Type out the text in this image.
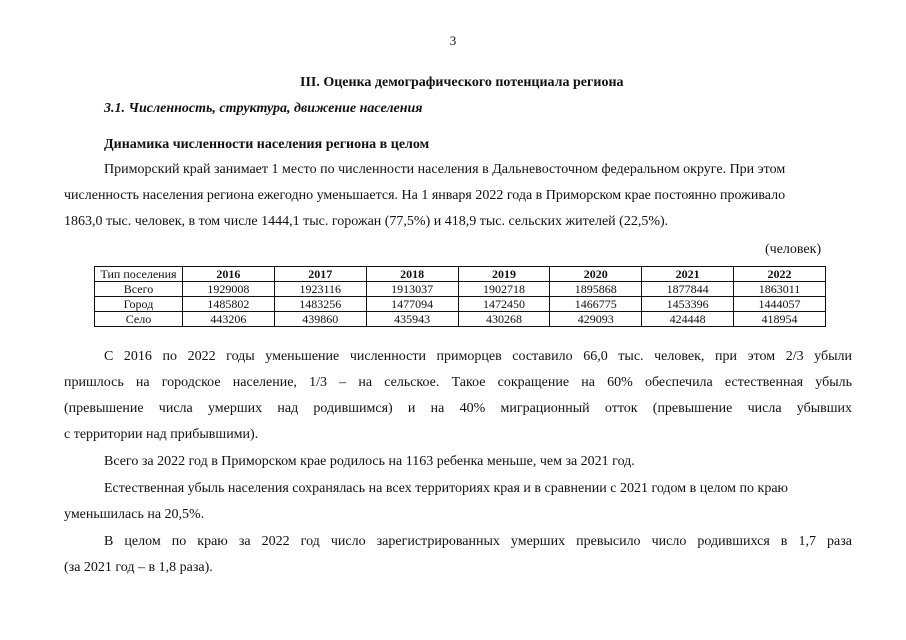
3
III. Оценка демографического потенциала региона
3.1. Численность, структура, движение населения
Динамика численности населения региона в целом
Приморский край занимает 1 место по численности населения в Дальневосточном федеральном округе. При этом
численность населения региона ежегодно уменьшается. На 1 января 2022 года в Приморском крае постоянно проживало
1863,0 тыс. человек, в том числе 1444,1 тыс. горожан (77,5%) и 418,9 тыс. сельских жителей (22,5%).
(человек)
Тип поселения	2016	2017	2018	2019	2020	2021	2022
Всего	1929008	1923116	1913037	1902718	1895868	1877844	1863011
Город	1485802	1483256	1477094	1472450	1466775	1453396	1444057
Село	443206	439860	435943	430268	429093	424448	418954
С 2016 по 2022 годы уменьшение численности приморцев составило 66,0 тыс. человек, при этом 2/3 убыли
пришлось на городское население, 1/3 – на сельское. Такое сокращение на 60% обеспечила естественная убыль
(превышение числа умерших над родившимся) и на 40% миграционный отток (превышение числа убывших
с территории над прибывшими).
Всего за 2022 год в Приморском крае родилось на 1163 ребенка меньше, чем за 2021 год.
Естественная убыль населения сохранялась на всех территориях края и в сравнении с 2021 годом в целом по краю
уменьшилась на 20,5%.
В целом по краю за 2022 год число зарегистрированных умерших превысило число родившихся в 1,7 раза
(за 2021 год – в 1,8 раза).
